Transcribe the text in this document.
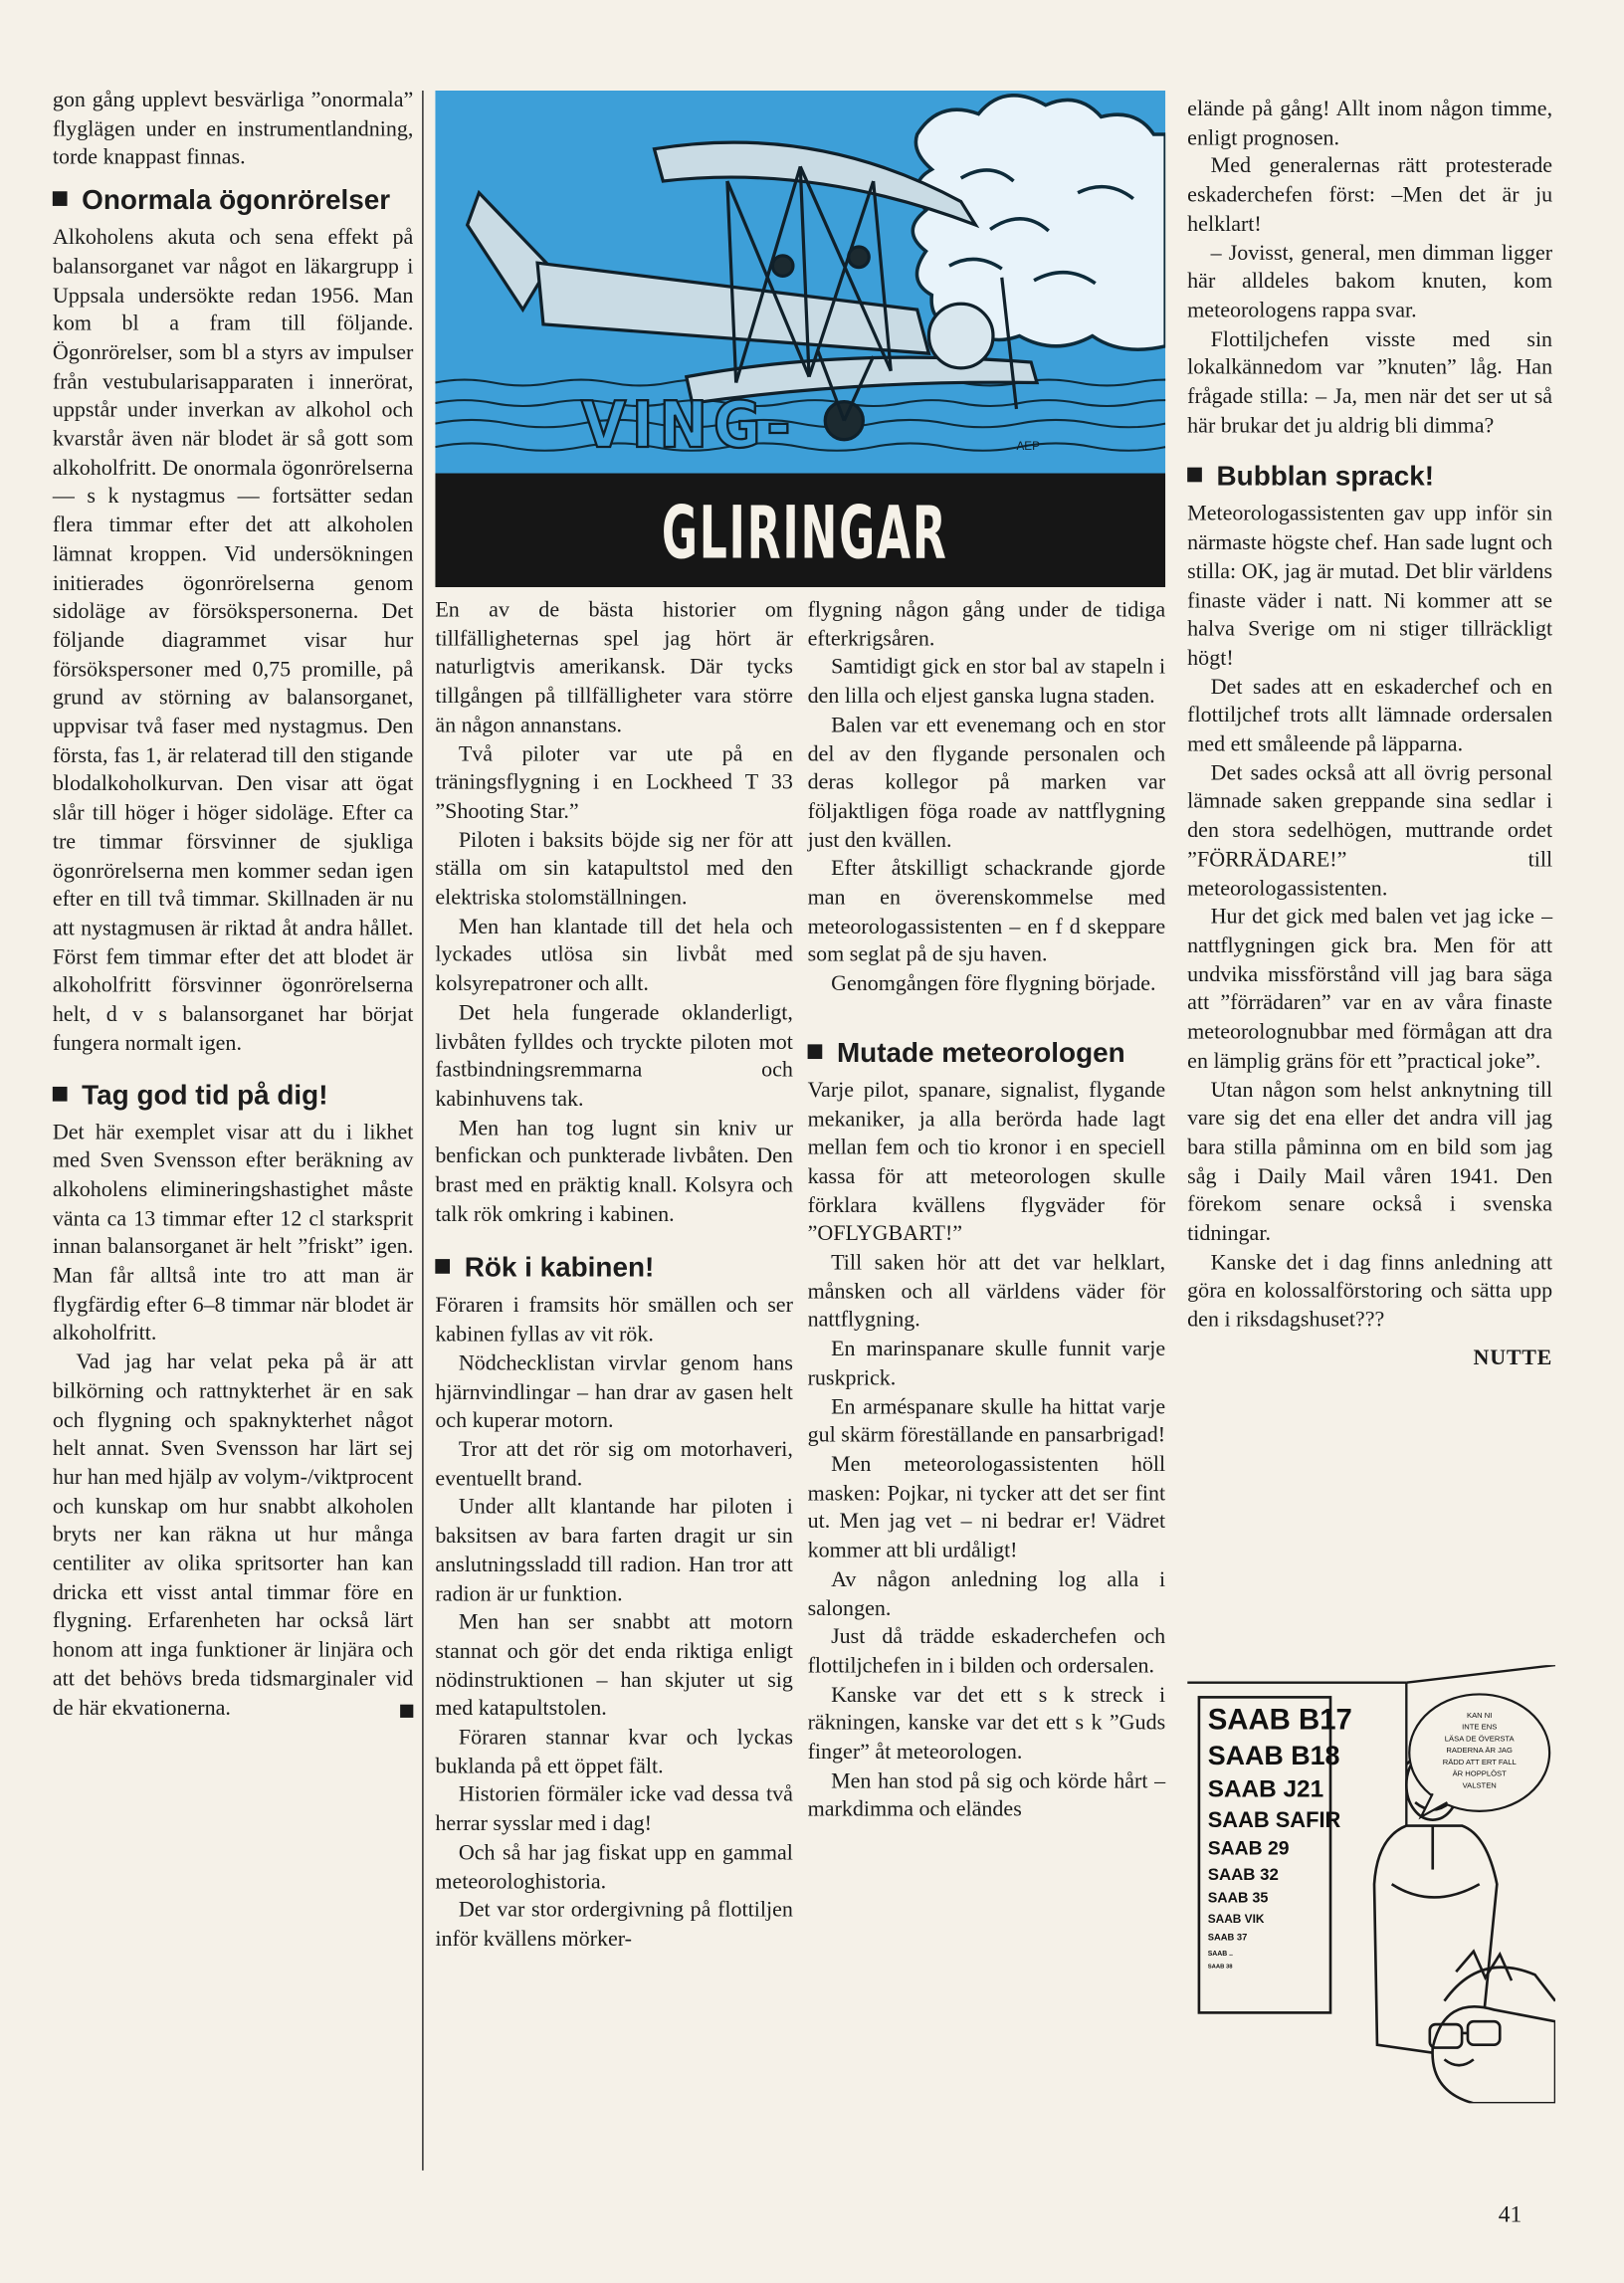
gon gång upplevt besvärliga ”onormala” flyglägen under en instrumentlandning, torde knappast finnas.

Onormala ögonrörelser

Alkoholens akuta och sena effekt på balansorganet var något en läkargrupp i Uppsala undersökte redan 1956. Man kom bl a fram till följande. Ögonrörelser, som bl a styrs av impulser från vestubularisapparaten i innerörat, uppstår under inverkan av alkohol och kvarstår även när blodet är så gott som alkoholfritt. De onormala ögonrörelserna — s k nystagmus — fortsätter sedan flera timmar efter det att alkoholen lämnat kroppen. Vid undersökningen initierades ögonrörelserna genom sidoläge av försökspersonerna. Det följande diagrammet visar hur försökspersoner med 0,75 promille, på grund av störning av balansorganet, uppvisar två faser med nystagmus. Den första, fas 1, är relaterad till den stigande blodalkoholkurvan. Den visar att ögat slår till höger i höger sidoläge. Efter ca tre timmar försvinner de sjukliga ögonrörelserna men kommer sedan igen efter en till två timmar. Skillnaden är nu att nystagmusen är riktad åt andra hållet. Först fem timmar efter det att blodet är alkoholfritt försvinner ögonrörelserna helt, d v s balansorganet har börjat fungera normalt igen.

Tag god tid på dig!

Det här exemplet visar att du i likhet med Sven Svensson efter beräkning av alkoholens elimineringshastighet måste vänta ca 13 timmar efter 12 cl starksprit innan balansorganet är helt ”friskt” igen. Man får alltså inte tro att man är flygfärdig efter 6–8 timmar när blodet är alkoholfritt.

Vad jag har velat peka på är att bilkörning och rattnykterhet är en sak och flygning och spaknykterhet något helt annat. Sven Svensson har lärt sej hur han med hjälp av volym-/viktprocent och kunskap om hur snabbt alkoholen bryts ner kan räkna ut hur många centiliter av olika spritsorter han kan dricka ett visst antal timmar före en flygning. Erfarenheten har också lärt honom att inga funktioner är linjära och att det behövs breda tidsmarginaler vid de här ekvationerna.

AEP
VING-
GLIRINGAR

En av de bästa historier om tillfälligheternas spel jag hört är naturligtvis amerikansk. Där tycks tillgången på tillfälligheter vara större än någon annanstans.

Två piloter var ute på en träningsflygning i en Lockheed T 33 ”Shooting Star.”

Piloten i baksits böjde sig ner för att ställa om sin katapultstol med den elektriska stolomställningen.

Men han klantade till det hela och lyckades utlösa sin livbåt med kolsyrepatroner och allt.

Det hela fungerade oklanderligt, livbåten fylldes och tryckte piloten mot fastbindningsremmarna och kabinhuvens tak.

Men han tog lugnt sin kniv ur benfickan och punkterade livbåten. Den brast med en präktig knall. Kolsyra och talk rök omkring i kabinen.

Rök i kabinen!

Föraren i framsits hör smällen och ser kabinen fyllas av vit rök.

Nödchecklistan virvlar genom hans hjärnvindlingar – han drar av gasen helt och kuperar motorn.

Tror att det rör sig om motorhaveri, eventuellt brand.

Under allt klantande har piloten i baksitsen av bara farten dragit ur sin anslutningssladd till radion. Han tror att radion är ur funktion.

Men han ser snabbt att motorn stannat och gör det enda riktiga enligt nödinstruktionen – han skjuter ut sig med katapultstolen.

Föraren stannar kvar och lyckas buklanda på ett öppet fält.

Historien förmäler icke vad dessa två herrar sysslar med i dag!

Och så har jag fiskat upp en gammal meteorologhistoria.

Det var stor ordergivning på flottiljen inför kvällens mörker-

flygning någon gång under de tidiga efterkrigsåren.

Samtidigt gick en stor bal av stapeln i den lilla och eljest ganska lugna staden.

Balen var ett evenemang och en stor del av den flygande personalen och deras kollegor på marken var följaktligen föga roade av nattflygning just den kvällen.

Efter åtskilligt schackrande gjorde man en överenskommelse med meteorologassistenten – en f d skeppare som seglat på de sju haven.

Genomgången före flygning började.

Mutade meteorologen

Varje pilot, spanare, signalist, flygande mekaniker, ja alla berörda hade lagt mellan fem och tio kronor i en speciell kassa för att meteorologen skulle förklara kvällens flygväder för ”OFLYGBART!”

Till saken hör att det var helklart, månsken och all världens väder för nattflygning.

En marinspanare skulle funnit varje ruskprick.

En arméspanare skulle ha hittat varje gul skärm föreställande en pansarbrigad!

Men meteorologassistenten höll masken: Pojkar, ni tycker att det ser fint ut. Men jag vet – ni bedrar er! Vädret kommer att bli urdåligt!

Av någon anledning log alla i salongen.

Just då trädde eskaderchefen och flottiljchefen in i bilden och ordersalen.

Kanske var det ett s k streck i räkningen, kanske var det ett s k ”Guds finger” åt meteorologen.

Men han stod på sig och körde hårt – markdimma och eländes

elände på gång! Allt inom någon timme, enligt prognosen.

Med generalernas rätt protesterade eskaderchefen först: –Men det är ju helklart!

– Jovisst, general, men dimman ligger här alldeles bakom knuten, kom meteorologens rappa svar.

Flottiljchefen visste med sin lokalkännedom var ”knuten” låg. Han frågade stilla: – Ja, men när det ser ut så här brukar det ju aldrig bli dimma?

Bubblan sprack!

Meteorologassistenten gav upp inför sin närmaste högste chef. Han sade lugnt och stilla: OK, jag är mutad. Det blir världens finaste väder i natt. Ni kommer att se halva Sverige om ni stiger tillräckligt högt!

Det sades att en eskaderchef och en flottiljchef trots allt lämnade ordersalen med ett småleende på läpparna.

Det sades också att all övrig personal lämnade saken greppande sina sedlar i den stora sedelhögen, muttrande ordet ”FÖRRÄDARE!” till meteorologassistenten.

Hur det gick med balen vet jag icke – nattflygningen gick bra. Men för att undvika missförstånd vill jag bara säga att ”förrädaren” var en av våra finaste meteorolognubbar med förmågan att dra en lämplig gräns för ett ”practical joke”.

Utan någon som helst anknytning till vare sig det ena eller det andra vill jag bara stilla påminna om en bild som jag såg i Daily Mail våren 1941. Den förekom senare också i svenska tidningar.

Kanske det i dag finns anledning att göra en kolossalförstoring och sätta upp den i riksdagshuset???

NUTTE
SAAB B17
SAAB B18
SAAB J21
SAAB SAFIR
SAAB 29
SAAB 32
SAAB 35
SAAB VIK
SAAB 37
SAAB ..
SAAB 38
KAN NI
INTE ENS
LÄSA DE ÖVERSTA
RADERNA ÄR JAG
RÄDD ATT ERT FALL
ÄR HOPPLÖST
VALSTEN
41
